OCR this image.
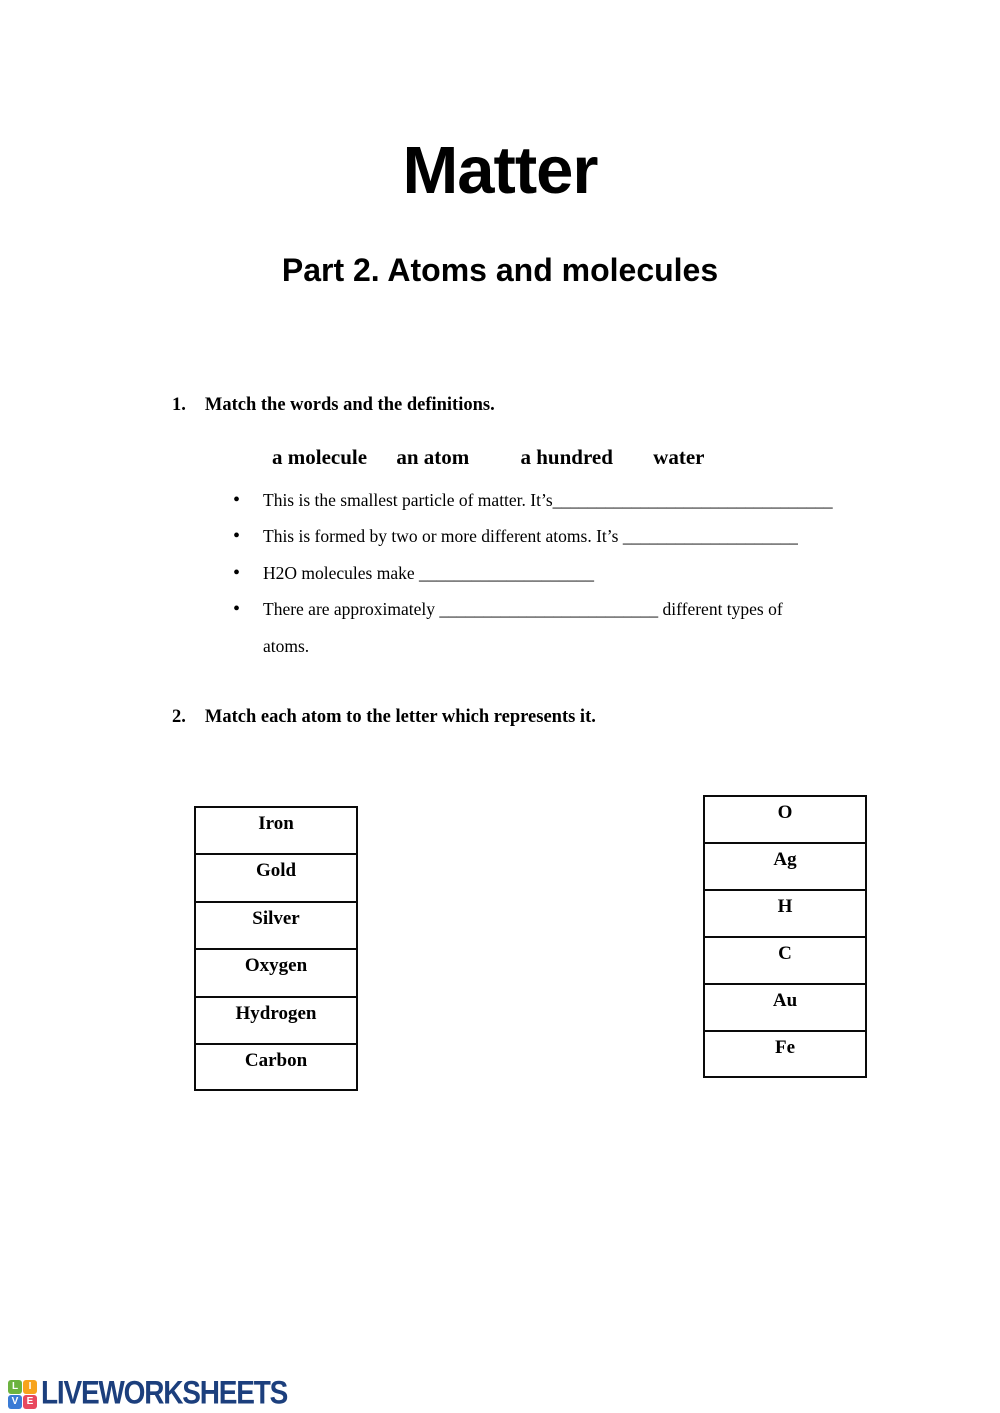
Matter
Part 2. Atoms and molecules
1. Match the words and the definitions.
a molecule an atom a hundred water
•
This is the smallest particle of matter. It’s________________________________
•
This is formed by two or more different atoms. It’s ____________________
•
H2O molecules make ____________________
•
There are approximately _________________________ different types of
atoms.
2. Match each atom to the letter which represents it.
Iron
Gold
Silver
Oxygen
Hydrogen
Carbon
O
Ag
H
C
Au
Fe
L	I
V E LIVEWORKSHEETS
